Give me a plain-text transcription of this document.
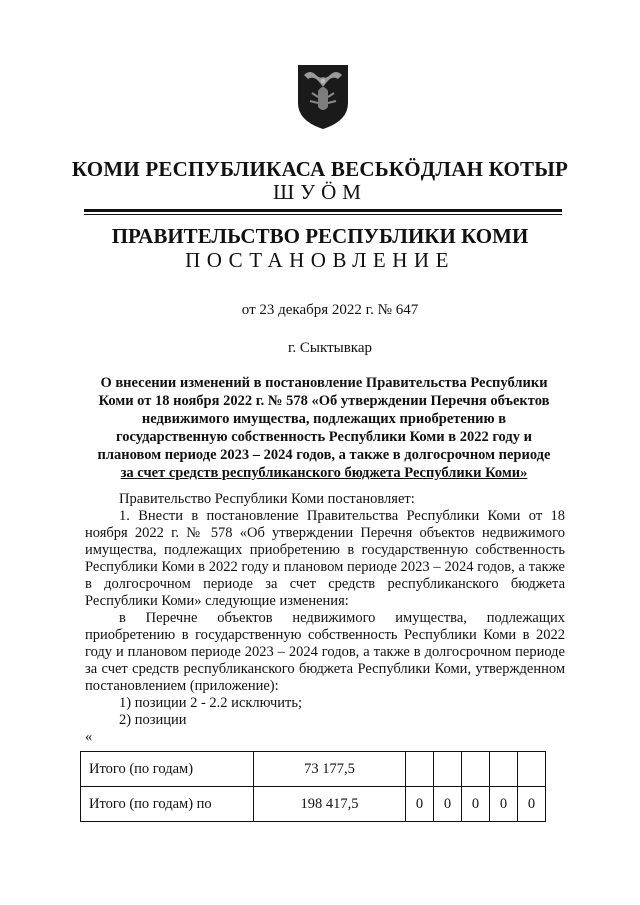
КОМИ РЕСПУБЛИКАСА ВЕСЬКӦДЛАН КОТЫР
ШУӦМ
ПРАВИТЕЛЬСТВО РЕСПУБЛИКИ КОМИ
ПОСТАНОВЛЕНИЕ
от 23 декабря 2022 г. № 647
г. Сыктывкар
О внесении изменений в постановление Правительства Республики
Коми от 18 ноября 2022 г. № 578 «Об утверждении Перечня объектов
недвижимого имущества, подлежащих приобретению в
государственную собственность Республики Коми в 2022 году и
плановом периоде 2023 – 2024 годов, а также в долгосрочном периоде
за счет средств республиканского бюджета Республики Коми»

Правительство Республики Коми постановляет:

1. Внести в постановление Правительства Республики Коми от 18 ноября 2022 г. № 578 «Об утверждении Перечня объектов недвижимого имущества, подлежащих приобретению в государственную собственность Республики Коми в 2022 году и плановом периоде 2023 – 2024 годов, а также в долгосрочном периоде за счет средств республиканского бюджета Республики Коми» следующие изменения:

в Перечне объектов недвижимого имущества, подлежащих приобретению в государственную собственность Республики Коми в 2022 году и плановом периоде 2023 – 2024 годов, а также в долгосрочном периоде за счет средств республиканского бюджета Республики Коми, утвержденном постановлением (приложение):

1) позиции 2 - 2.2 исключить;

2) позиции

«

Итого (по годам)	73 177,5					
Итого (по годам) по	198 417,5	0	0	0	0	0
